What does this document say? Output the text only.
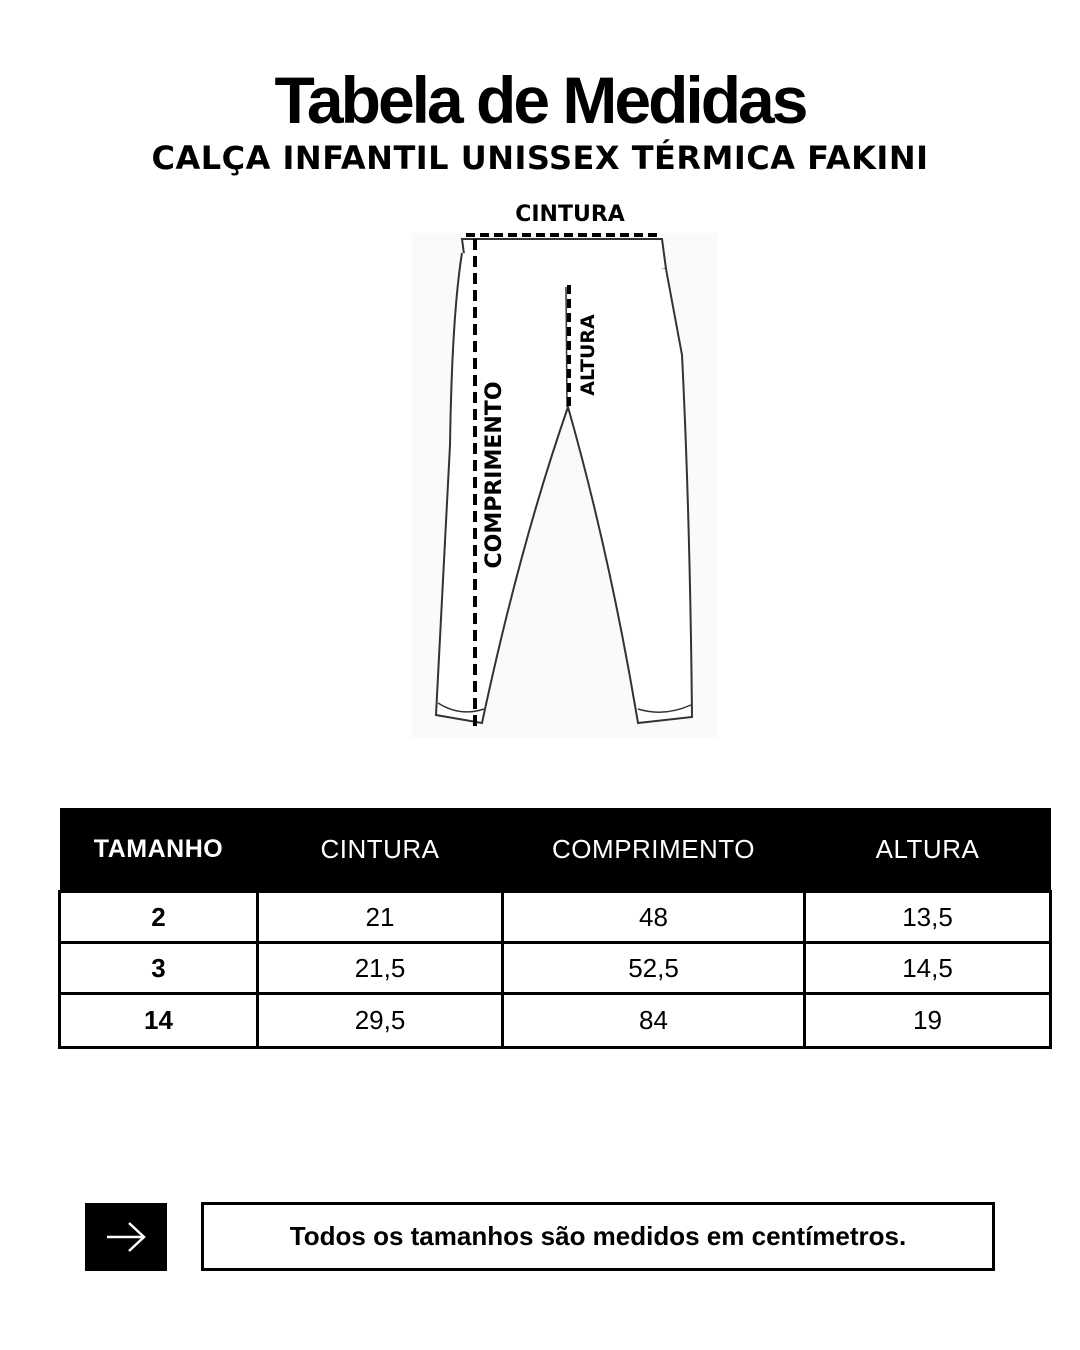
Tabela de Medidas
CALÇA INFANTIL UNISSEX TÉRMICA FAKINI
CINTURA
COMPRIMENTO
ALTURA
TAMANHO	CINTURA	COMPRIMENTO	ALTURA
2	21	48	13,5
3	21,5	52,5	14,5
14	29,5	84	19
Todos os tamanhos são medidos em centímetros.
